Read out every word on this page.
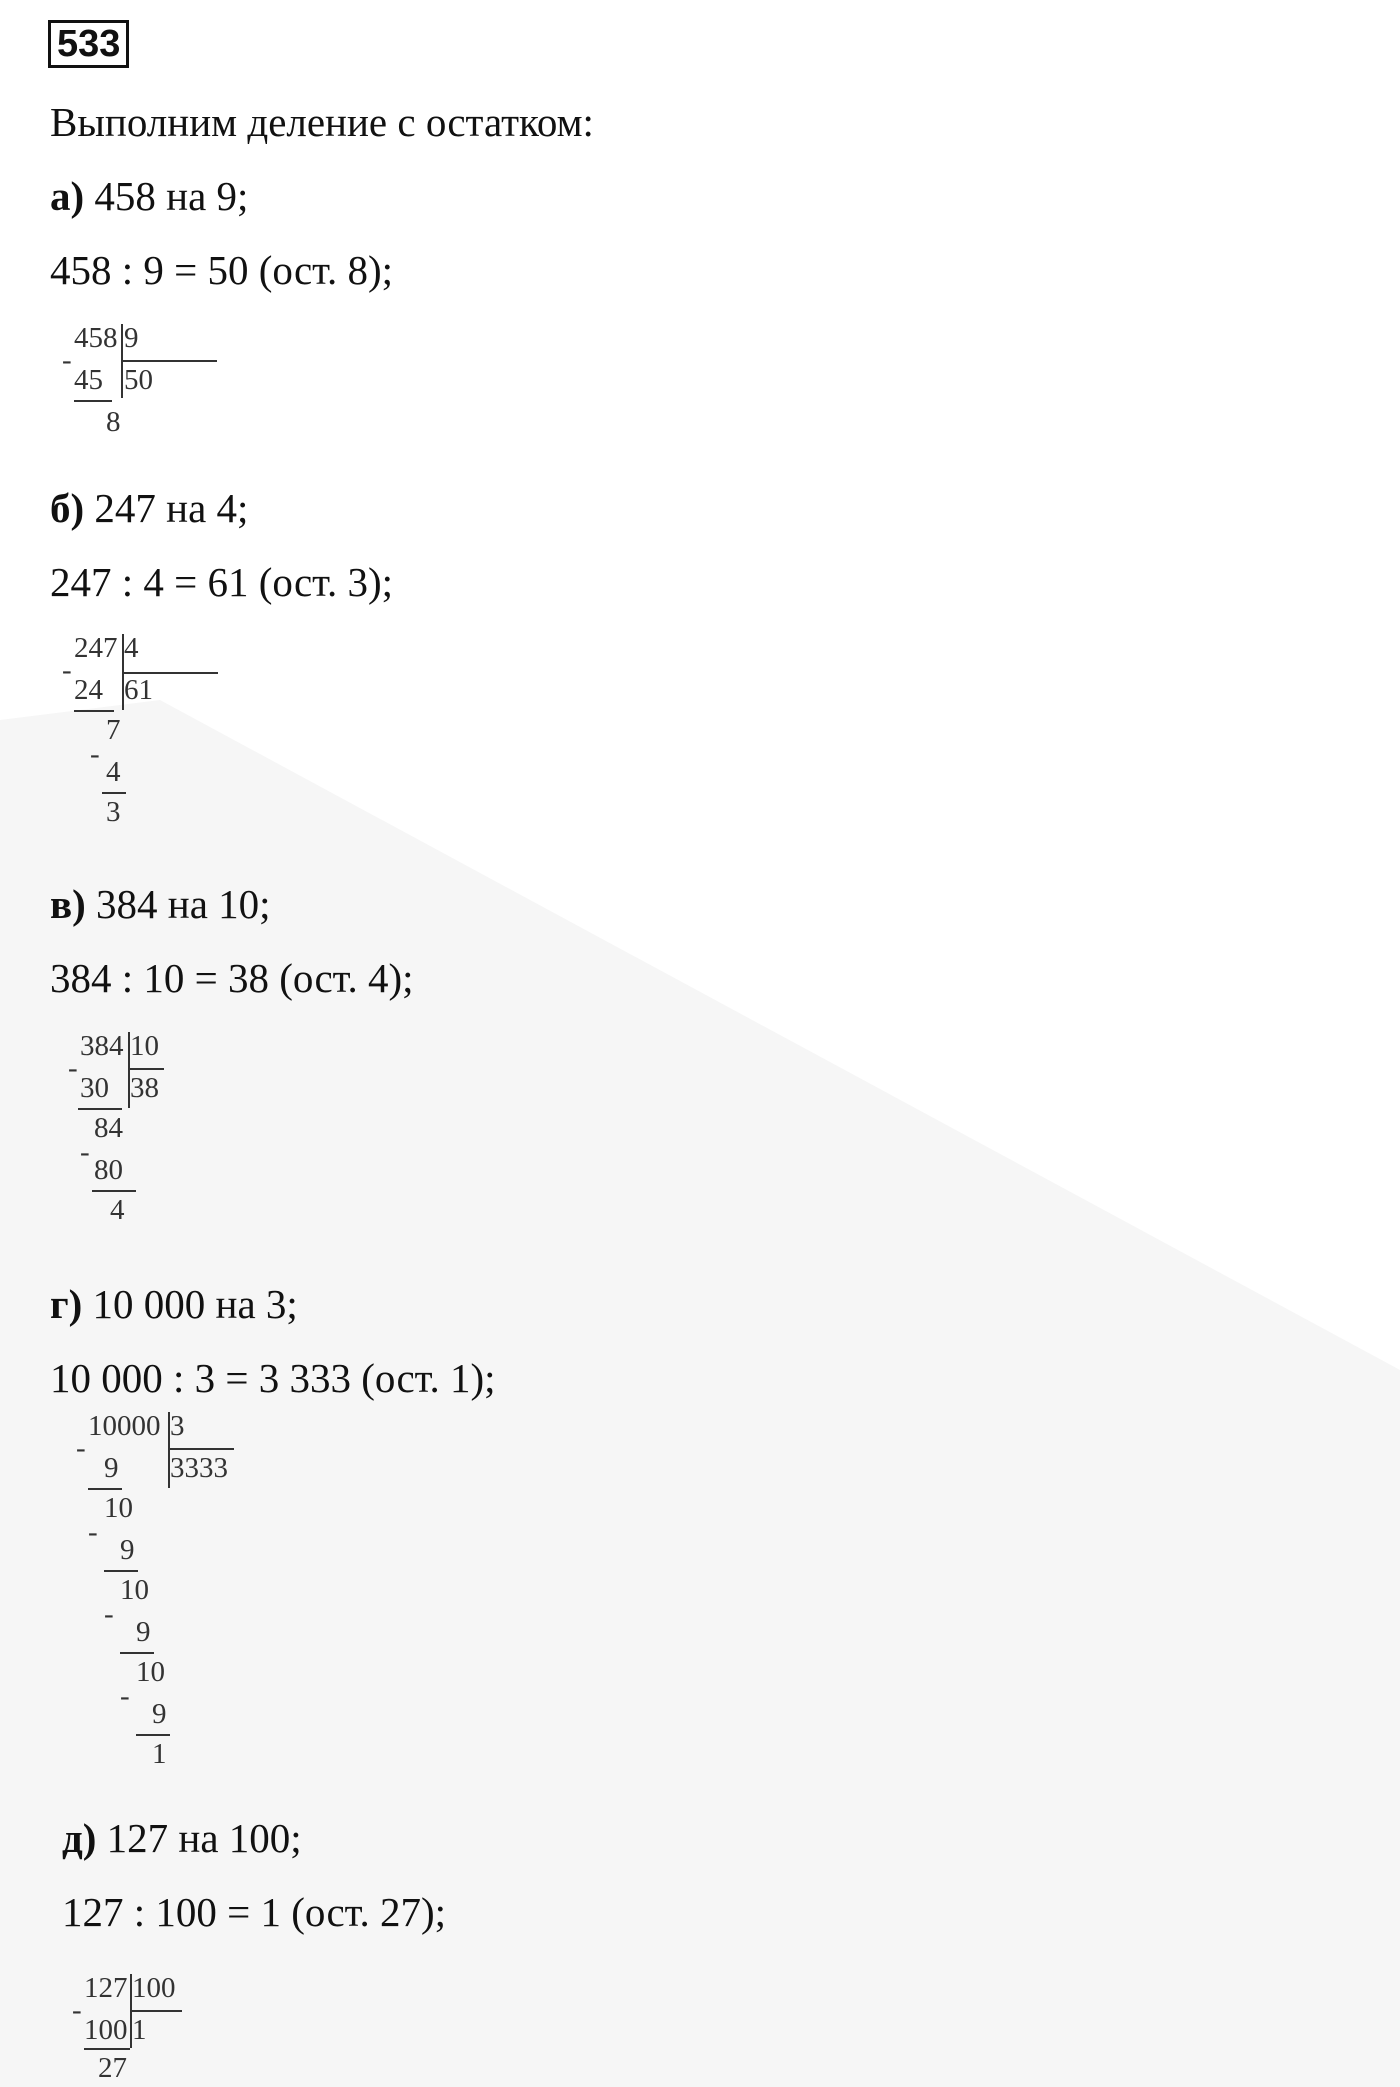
533
Выполним деление с остатком:
а) 458 на 9;
458 : 9 = 50 (ост. 8);
458 9
50
-
45
8
б) 247 на 4;
247 : 4 = 61 (ост. 3);
247 4
61
-
24
7
-
4
3
в) 384 на 10;
384 : 10 = 38 (ост. 4);
384 10
38
-
30
84
-
80
4
г) 10 000 на 3;
10 000 : 3 = 3 333 (ост. 1);
10000 3
3333
-
9
10
-
9
10
-
9
10
-
9
1
д) 127 на 100;
127 : 100 = 1 (ост. 27);
127 100
1
-
100
27
